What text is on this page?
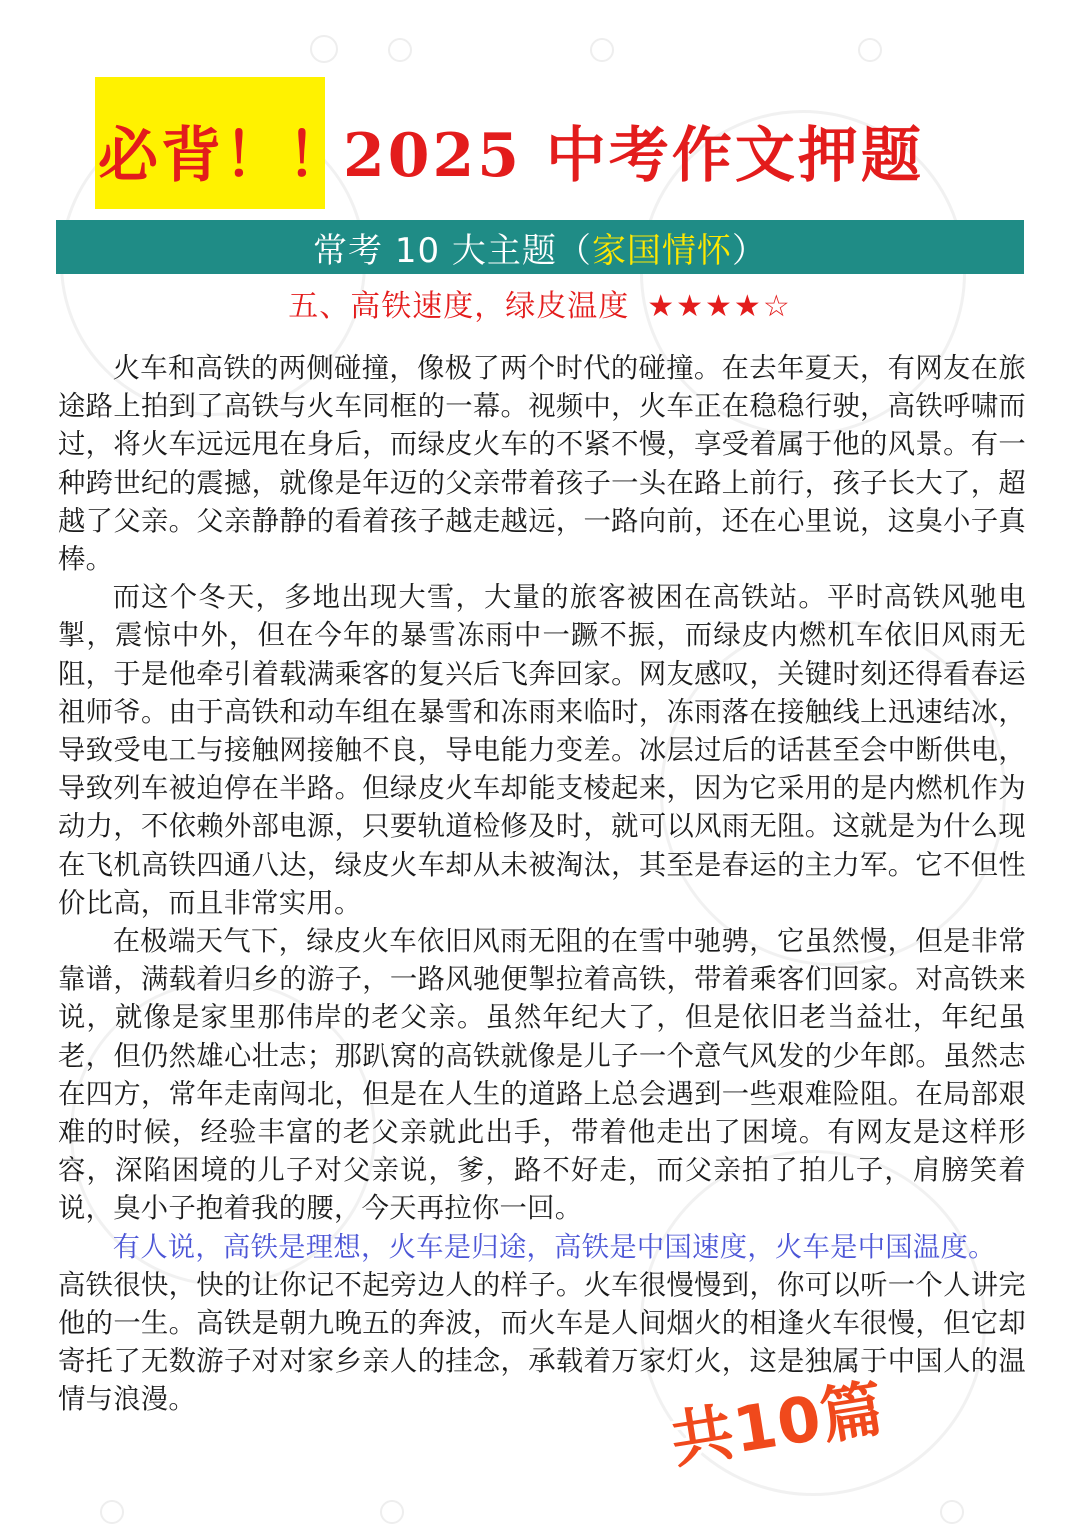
必背！！2025 中考作文押题
常考 10 大主题（ 家国情怀 ）
五、高铁速度，绿皮温度 ★★★★☆

火车和高铁的两侧碰撞，像极了两个时代的碰撞。在去年夏天，有网友在旅途路上拍到了高铁与火车同框的一幕。视频中，火车正在稳稳行驶，高铁呼啸而过，将火车远远甩在身后，而绿皮火车的不紧不慢，享受着属于他的风景。有一种跨世纪的震撼，就像是年迈的父亲带着孩子一头在路上前行，孩子长大了，超越了父亲。父亲静静的看着孩子越走越远，一路向前，还在心里说，这臭小子真棒。

而这个冬天，多地出现大雪，大量的旅客被困在高铁站。平时高铁风驰电掣，震惊中外，但在今年的暴雪冻雨中一蹶不振，而绿皮内燃机车依旧风雨无阻，于是他牵引着载满乘客的复兴后飞奔回家。网友感叹，关键时刻还得看春运祖师爷。由于高铁和动车组在暴雪和冻雨来临时，冻雨落在接触线上迅速结冰，导致受电工与接触网接触不良，导电能力变差。冰层过后的话甚至会中断供电，导致列车被迫停在半路。但绿皮火车却能支棱起来，因为它采用的是内燃机作为动力，不依赖外部电源，只要轨道检修及时，就可以风雨无阻。这就是为什么现在飞机高铁四通八达，绿皮火车却从未被淘汰，其至是春运的主力军。它不但性价比高，而且非常实用。

在极端天气下，绿皮火车依旧风雨无阻的在雪中驰骋，它虽然慢，但是非常靠谱，满载着归乡的游子，一路风驰便掣拉着高铁，带着乘客们回家。对高铁来说，就像是家里那伟岸的老父亲。虽然年纪大了，但是依旧老当益壮，年纪虽老，但仍然雄心壮志；那趴窝的高铁就像是儿子一个意气风发的少年郎。虽然志在四方，常年走南闯北，但是在人生的道路上总会遇到一些艰难险阻。在局部艰难的时候，经验丰富的老父亲就此出手，带着他走出了困境。有网友是这样形容，深陷困境的儿子对父亲说，爹，路不好走，而父亲拍了拍儿子，肩膀笑着说，臭小子抱着我的腰，今天再拉你一回。

有人说，高铁是理想，火车是归途，高铁是中国速度，火车是中国温度。

高铁很快，快的让你记不起旁边人的样子。火车很慢慢到，你可以听一个人讲完他的一生。高铁是朝九晚五的奔波，而火车是人间烟火的相逢火车很慢，但它却寄托了无数游子对对家乡亲人的挂念，承载着万家灯火，这是独属于中国人的温情与浪漫。	共10篇
